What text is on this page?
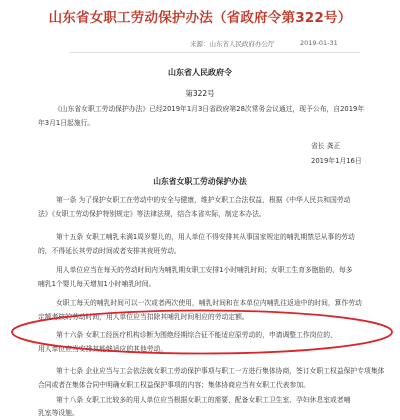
山东省女职工劳动保护办法（省政府令第322号）
来源：山东省人民政府办公厅	2019-01-31
山东省人民政府令
第322号
《山东省女职工劳动保护办法》已经2019年1月3日省政府第28次常务会议通过，现予公布，自2019年
年3月1日起施行。
省长 龚正
2019年1月16日
山东省女职工劳动保护办法
第一条 为了保护女职工在劳动中的安全与健康，维护女职工合法权益，根据《中华人民共和国劳动
法》《女职工劳动保护特别规定》等法律法规，结合本省实际，制定本办法。
第十五条 女职工哺乳未满1周岁婴儿的，用人单位不得安排其从事国家规定的哺乳期禁忌从事的劳动
的，不得延长其劳动时间或者安排其夜班劳动。
用人单位应当在每天的劳动时间内为哺乳期女职工安排1小时哺乳时间；女职工生育多胞胎的，每多
哺乳1个婴儿每天增加1小时哺乳时间。
女职工每天的哺乳时间可以一次或者两次使用，哺乳时间和在本单位内哺乳往返途中的时间，算作劳动
定额考核的劳动时间，用人单位应当扣除其哺乳时间相应的劳动定额。
第十六条 女职工经医疗机构诊断为围绝经期综合征不能适应原劳动的，申请调整工作岗位的，
用人单位应当安排其能够适应的其他劳动。
第十七条 企业应当与工会依法就女职工劳动保护事项与职工一方进行集体协商，签订女职工权益保护专项集体
合同或者在集体合同中明确女职工权益保护事项的内容；集体协商应当有女职工代表参加。
第十八条 女职工比较多的用人单位应当根据女职工的需要，配备女职工卫生室、孕妇休息室或者哺
乳室等设施。
